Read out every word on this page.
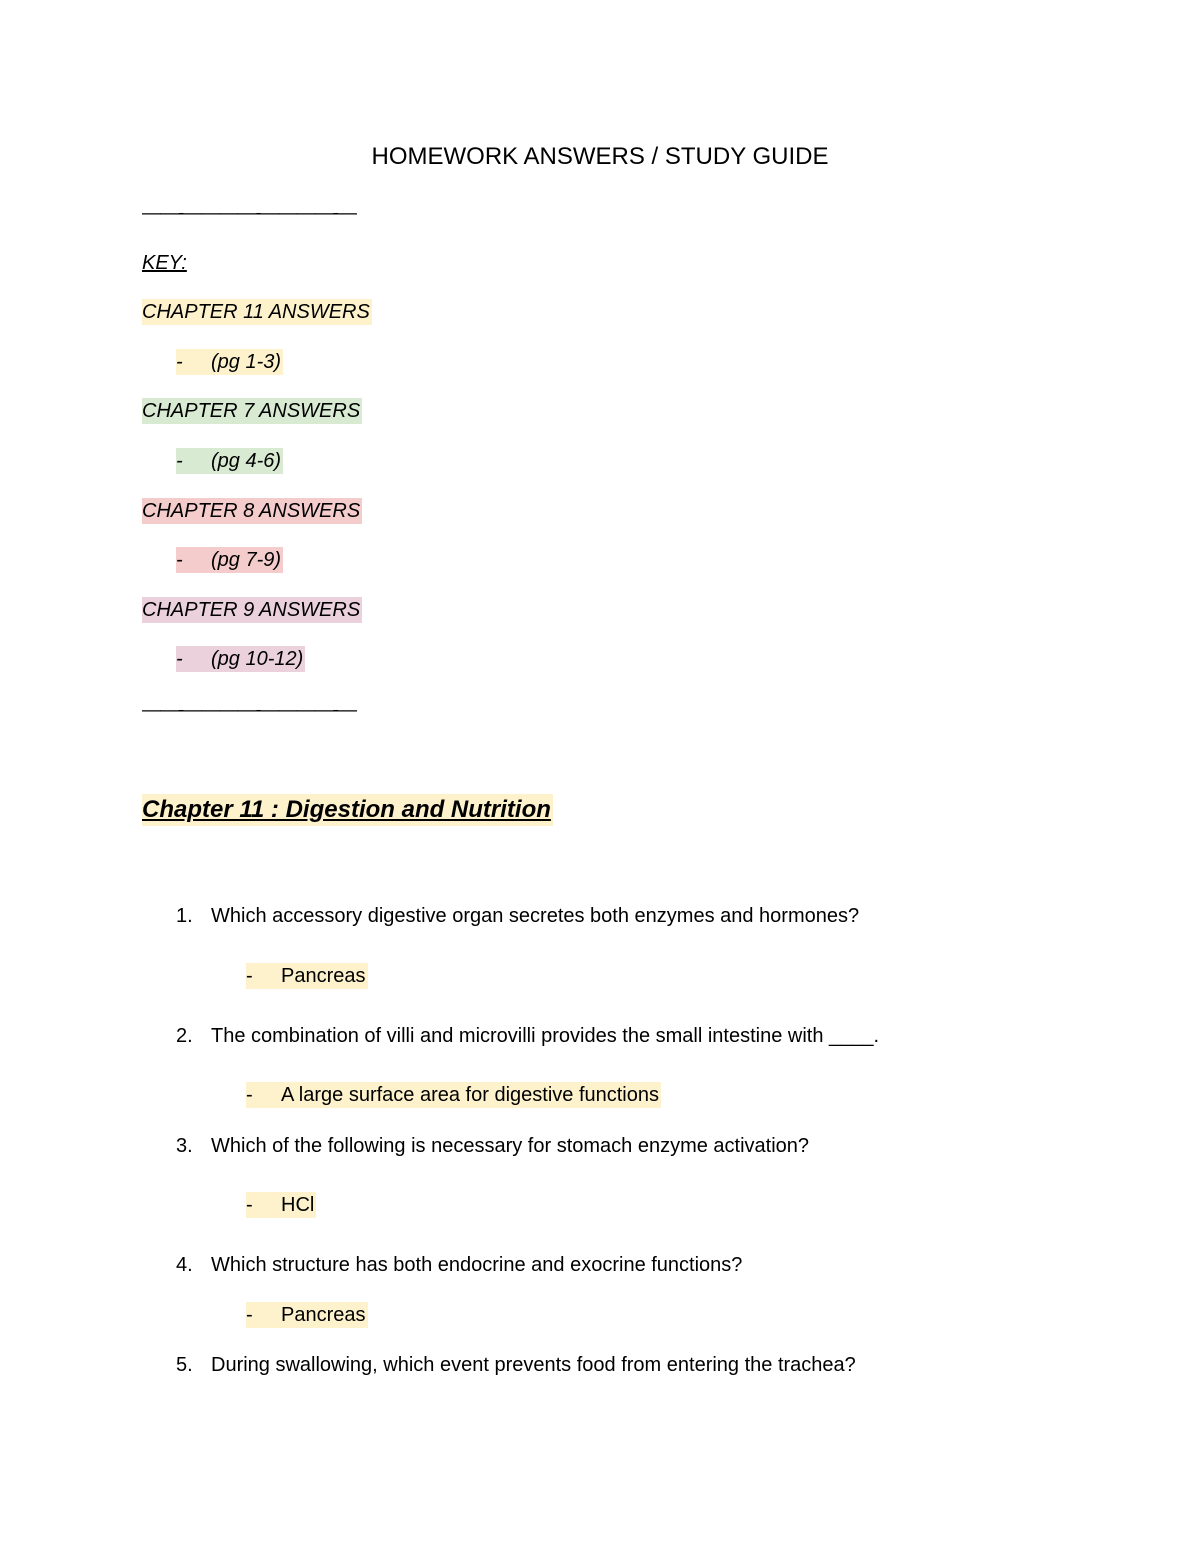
HOMEWORK ANSWERS / STUDY GUIDE
——-————-————-—
KEY:
CHAPTER 11 ANSWERS
- (pg 1-3)
CHAPTER 7 ANSWERS
- (pg 4-6)
CHAPTER 8 ANSWERS
- (pg 7-9)
CHAPTER 9 ANSWERS
- (pg 10-12)
——-————-————-—
Chapter 11 : Digestion and Nutrition
1. Which accessory digestive organ secretes both enzymes and hormones?
- Pancreas
2. The combination of villi and microvilli provides the small intestine with ____.
- A large surface area for digestive functions
3. Which of the following is necessary for stomach enzyme activation?
- HCl
4. Which structure has both endocrine and exocrine functions?
- Pancreas
5. During swallowing, which event prevents food from entering the trachea?
